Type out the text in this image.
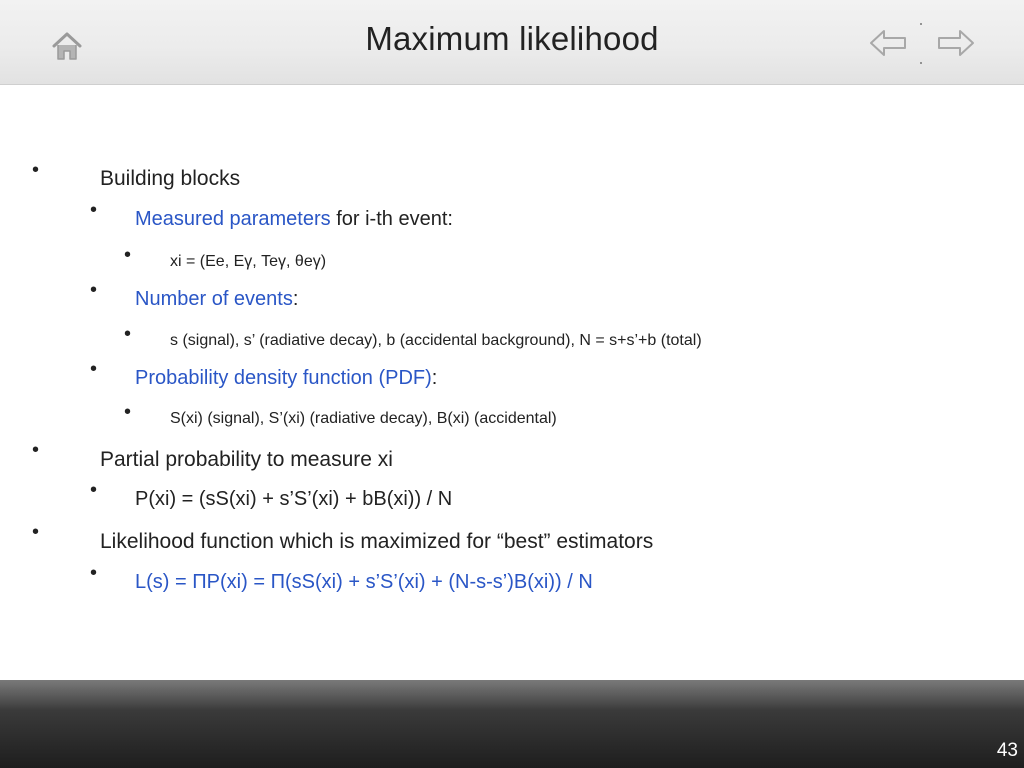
Maximum likelihood
•	Building blocks
• Measured parameters for i-th event:
• xi = (Ee, Eγ, Teγ, θeγ)
• Number of events:
• s (signal), s’ (radiative decay), b (accidental background), N = s+s’+b (total)
• Probability density function (PDF):
• S(xi) (signal), S’(xi) (radiative decay), B(xi) (accidental)
•	Partial probability to measure xi
• P(xi) = (sS(xi) + s’S’(xi) + bB(xi)) / N
•	Likelihood function which is maximized for “best” estimators
• L(s) = ΠP(xi) = Π(sS(xi) + s’S’(xi) + (N-s-s’)B(xi)) / N
43
